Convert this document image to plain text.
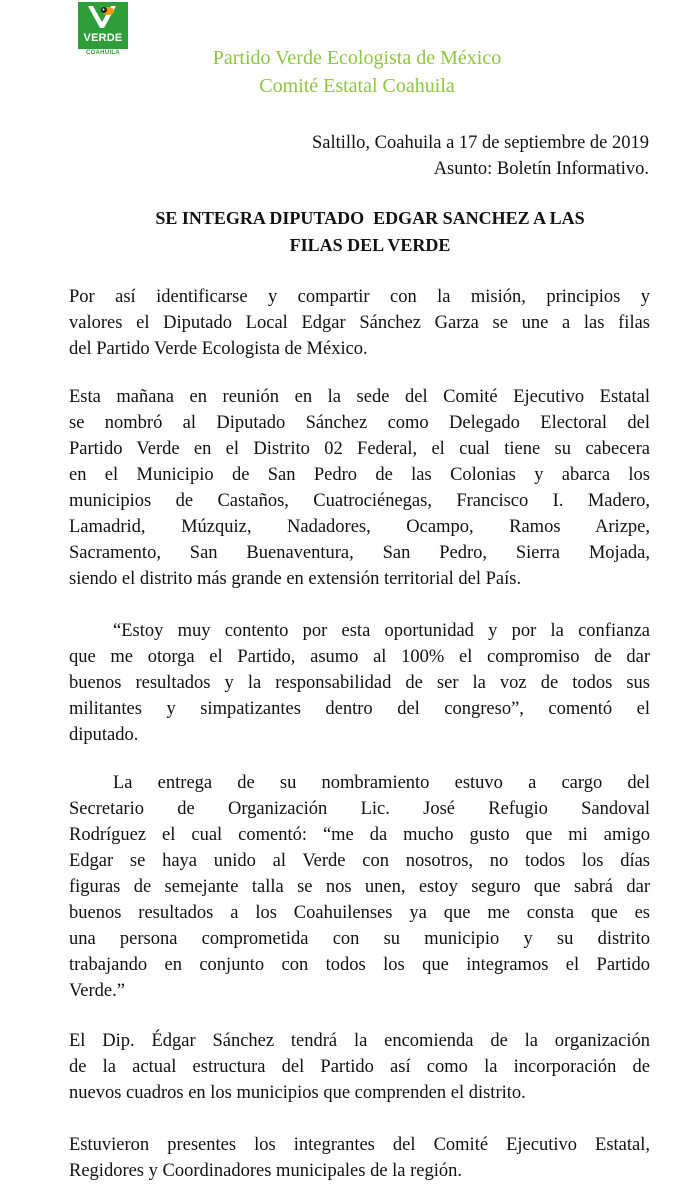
VERDE
COAHUILA	Partido Verde Ecologista de México
Comité Estatal Coahuila
Saltillo, Coahuila a 17 de septiembre de 2019
Asunto: Boletín Informativo.
SE INTEGRA DIPUTADO  EDGAR SANCHEZ A LAS
FILAS DEL VERDE
Por así identificarse y compartir con la misión, principios y
valores el Diputado Local Edgar Sánchez Garza se une a las filas
del Partido Verde Ecologista de México.
Esta mañana en reunión en la sede del Comité Ejecutivo Estatal
se nombró al Diputado Sánchez como Delegado Electoral del
Partido Verde en el Distrito 02 Federal, el cual tiene su cabecera
en el Municipio de San Pedro de las Colonias y abarca los
municipios de Castaños, Cuatrociénegas, Francisco I. Madero,
Lamadrid, Múzquiz, Nadadores, Ocampo, Ramos Arizpe,
Sacramento, San Buenaventura, San Pedro, Sierra Mojada,
siendo el distrito más grande en extensión territorial del País.
“Estoy muy contento por esta oportunidad y por la confianza
que me otorga el Partido, asumo al 100% el compromiso de dar
buenos resultados y la responsabilidad de ser la voz de todos sus
militantes y simpatizantes dentro del congreso”, comentó el
diputado.
La entrega de su nombramiento estuvo a cargo del
Secretario de Organización Lic. José Refugio Sandoval
Rodríguez el cual comentó: “me da mucho gusto que mi amigo
Edgar se haya unido al Verde con nosotros, no todos los días
figuras de semejante talla se nos unen, estoy seguro que sabrá dar
buenos resultados a los Coahuilenses ya que me consta que es
una persona comprometida con su municipio y su distrito
trabajando en conjunto con todos los que integramos el Partido
Verde.”
El Dip. Édgar Sánchez tendrá la encomienda de la organización
de la actual estructura del Partido así como la incorporación de
nuevos cuadros en los municipios que comprenden el distrito.
Estuvieron presentes los integrantes del Comité Ejecutivo Estatal,
Regidores y Coordinadores municipales de la región.
